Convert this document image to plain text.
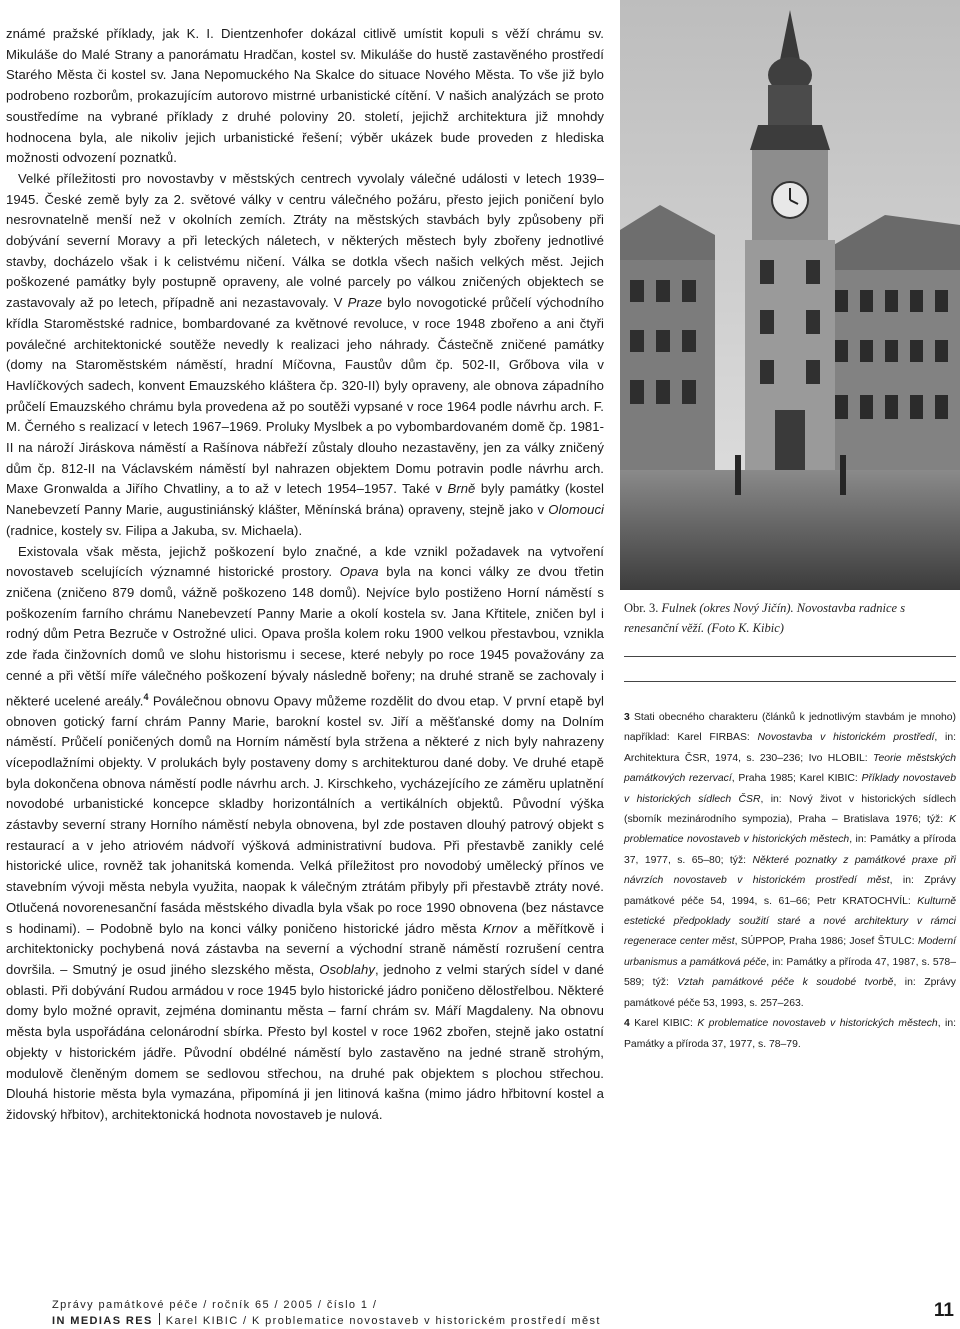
známé pražské příklady, jak K. I. Dientzenhofer dokázal citlivě umístit kopuli s věží chrámu sv. Mikuláše do Malé Strany a panorámatu Hradčan, kostel sv. Mikuláše do hustě zastavěného prostředí Starého Města či kostel sv. Jana Nepomuckého Na Skalce do situace Nového Města. To vše již bylo podrobeno rozborům, prokazujícím autorovo mistrné urbanistické cítění. V našich analýzách se proto soustředíme na vybrané příklady z druhé poloviny 20. století, jejichž architektura již mnohdy hodnocena byla, ale nikoliv jejich urbanistické řešení; výběr ukázek bude proveden z hlediska možnosti odvození poznatků.

Velké příležitosti pro novostavby v městských centrech vyvolaly válečné události v letech 1939–1945. České země byly za 2. světové války v centru válečného požáru, přesto jejich poničení bylo nesrovnatelně menší než v okolních zemích. Ztráty na městských stavbách byly způsobeny při dobývání severní Moravy a při leteckých náletech, v některých městech byly zbořeny jednotlivé stavby, docházelo však i k celistvému ničení. Válka se dotkla všech našich velkých měst. Jejich poškozené památky byly postupně opraveny, ale volné parcely po válkou zničených objektech se zastavovaly až po letech, případně ani nezastavovaly. V Praze bylo novogotické průčelí východního křídla Staroměstské radnice, bombardované za květnové revoluce, v roce 1948 zbořeno a ani čtyři poválečné architektonické soutěže nevedly k realizaci jeho náhrady. Částečně zničené památky (domy na Staroměstském náměstí, hradní Míčovna, Faustův dům čp. 502-II, Grőbova vila v Havlíčkových sadech, konvent Emauzského kláštera čp. 320-II) byly opraveny, ale obnova západního průčelí Emauzského chrámu byla provedena až po soutěži vypsané v roce 1964 podle návrhu arch. F. M. Černého s realizací v letech 1967–1969. Proluky Myslbek a po vybombardovaném domě čp. 1981-II na nároží Jiráskova náměstí a Rašínova nábřeží zůstaly dlouho nezastavěny, jen za války zničený dům čp. 812-II na Václavském náměstí byl nahrazen objektem Domu potravin podle návrhu arch. Maxe Gronwalda a Jiřího Chvatliny, a to až v letech 1954–1957. Také v Brně byly památky (kostel Nanebevzetí Panny Marie, augustiniánský klášter, Měnínská brána) opraveny, stejně jako v Olomouci (radnice, kostely sv. Filipa a Jakuba, sv. Michaela).

Existovala však města, jejichž poškození bylo značné, a kde vznikl požadavek na vytvoření novostaveb scelujících významné historické prostory. Opava byla na konci války ze dvou třetin zničena (zničeno 879 domů, vážně poškozeno 148 domů). Nejvíce bylo postiženo Horní náměstí s poškozením farního chrámu Nanebevzetí Panny Marie a okolí kostela sv. Jana Křtitele, zničen byl i rodný dům Petra Bezruče v Ostrožné ulici. Opava prošla kolem roku 1900 velkou přestavbou, vznikla zde řada činžovních domů ve slohu historismu i secese, které nebyly po roce 1945 považovány za cenné a při větší míře válečného poškození bývaly následně bořeny; na druhé straně se zachovaly i některé ucelené areály.$^4$ Poválečnou obnovu Opavy můžeme rozdělit do dvou etap. V první etapě byl obnoven gotický farní chrám Panny Marie, barokní kostel sv. Jiří a měšťanské domy na Dolním náměstí. Průčelí poničených domů na Horním náměstí byla stržena a některé z nich byly nahrazeny vícepodlažními objekty. V prolukách byly postaveny domy s architekturou dané doby. Ve druhé etapě byla dokončena obnova náměstí podle návrhu arch. J. Kirschkeho, vycházejícího ze záměru uplatnění novodobé urbanistické koncepce skladby horizontálních a vertikálních objektů. Původní výška zástavby severní strany Horního náměstí nebyla obnovena, byl zde postaven dlouhý patrový objekt s restaurací a v jeho atriovém nádvoří výšková administrativní budova. Při přestavbě zanikly celé historické ulice, rovněž tak johanitská komenda. Velká příležitost pro novodobý umělecký přínos ve stavebním vývoji města nebyla využita, naopak k válečným ztrátám přibyly při přestavbě ztráty nové. Otlučená novorenesanční fasáda městského divadla byla však po roce 1990 obnovena (bez nástavce s hodinami). – Podobně bylo na konci války poničeno historické jádro města Krnov a měřítkově i architektonicky pochybená nová zástavba na severní a východní straně náměstí rozrušení centra dovršila. – Smutný je osud jiného slezského města, Osoblahy, jednoho z velmi starých sídel v dané oblasti. Při dobývání Rudou armádou v roce 1945 bylo historické jádro poničeno dělostřelbou. Některé domy bylo možné opravit, zejména dominantu města – farní chrám sv. Máří Magdaleny. Na obnovu města byla uspořádána celonárodní sbírka. Přesto byl kostel v roce 1962 zbořen, stejně jako ostatní objekty v historickém jádře. Původní obdélné náměstí bylo zastavěno na jedné straně strohým, modulově členěným domem se sedlovou střechou, na druhé pak objektem s plochou střechou. Dlouhá historie města byla vymazána, připomíná ji jen litinová kašna (mimo jádro hřbitovní kostel a židovský hřbitov), architektonická hodnota novostaveb je nulová.

Obr. 3. Fulnek (okres Nový Jičín). Novostavba radnice s renesanční věží. (Foto K. Kibic)

3 Stati obecného charakteru (článků k jednotlivým stavbám je mnoho) například: Karel FIRBAS: Novostavba v historickém prostředí, in: Architektura ČSR, 1974, s. 230–236; Ivo HLOBIL: Teorie městských památkových rezervací, Praha 1985; Karel KIBIC: Příklady novostaveb v historických sídlech ČSR, in: Nový život v historických sídlech (sborník mezinárodního sympozia), Praha – Bratislava 1976; týž: K problematice novostaveb v historických městech, in: Památky a příroda 37, 1977, s. 65–80; týž: Některé poznatky z památkové praxe při návrzích novostaveb v historickém prostředí měst, in: Zprávy památkové péče 54, 1994, s. 61–66; Petr KRATOCHVÍL: Kulturně estetické předpoklady soužití staré a nové architektury v rámci regenerace center měst, SÚPPOP, Praha 1986; Josef ŠTULC: Moderní urbanismus a památková péče, in: Památky a příroda 47, 1987, s. 578–589; týž: Vztah památkové péče k soudobé tvorbě, in: Zprávy památkové péče 53, 1993, s. 257–263.

4 Karel KIBIC: K problematice novostaveb v historických městech, in: Památky a příroda 37, 1977, s. 78–79.

Zprávy památkové péče / ročník 65 / 2005 / číslo 1 /
IN MEDIAS RES Karel KIBIC / K problematice novostaveb v historickém prostředí měst	11
